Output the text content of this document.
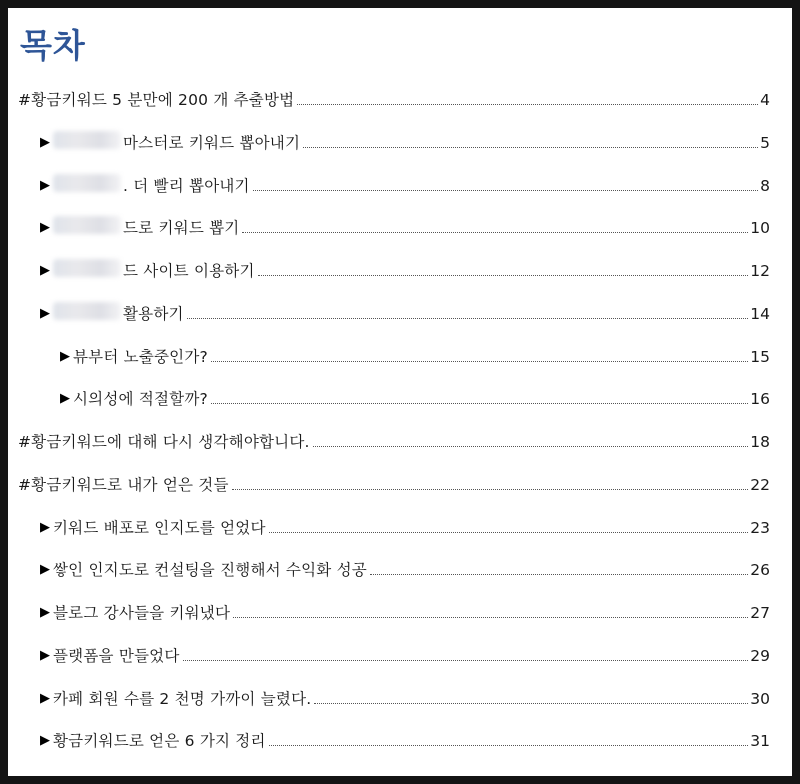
목차
#황금키워드 5 분만에 200 개 추출방법	4
▶	마스터로 키워드 뽑아내기	5
▶	. 더 빨리 뽑아내기	8
▶	드로 키워드 뽑기	10
▶	드 사이트 이용하기	12
▶	활용하기	14
▶ 뷰부터 노출중인가?	15
▶ 시의성에 적절할까?	16
#황금키워드에 대해 다시 생각해야합니다.	18
#황금키워드로 내가 얻은 것들	22
▶ 키워드 배포로 인지도를 얻었다	23
▶ 쌓인 인지도로 컨설팅을 진행해서 수익화 성공	26
▶ 블로그 강사들을 키워냈다	27
▶ 플랫폼을 만들었다	29
▶ 카페 회원 수를 2 천명 가까이 늘렸다.	30
▶ 황금키워드로 얻은 6 가지 정리	31
